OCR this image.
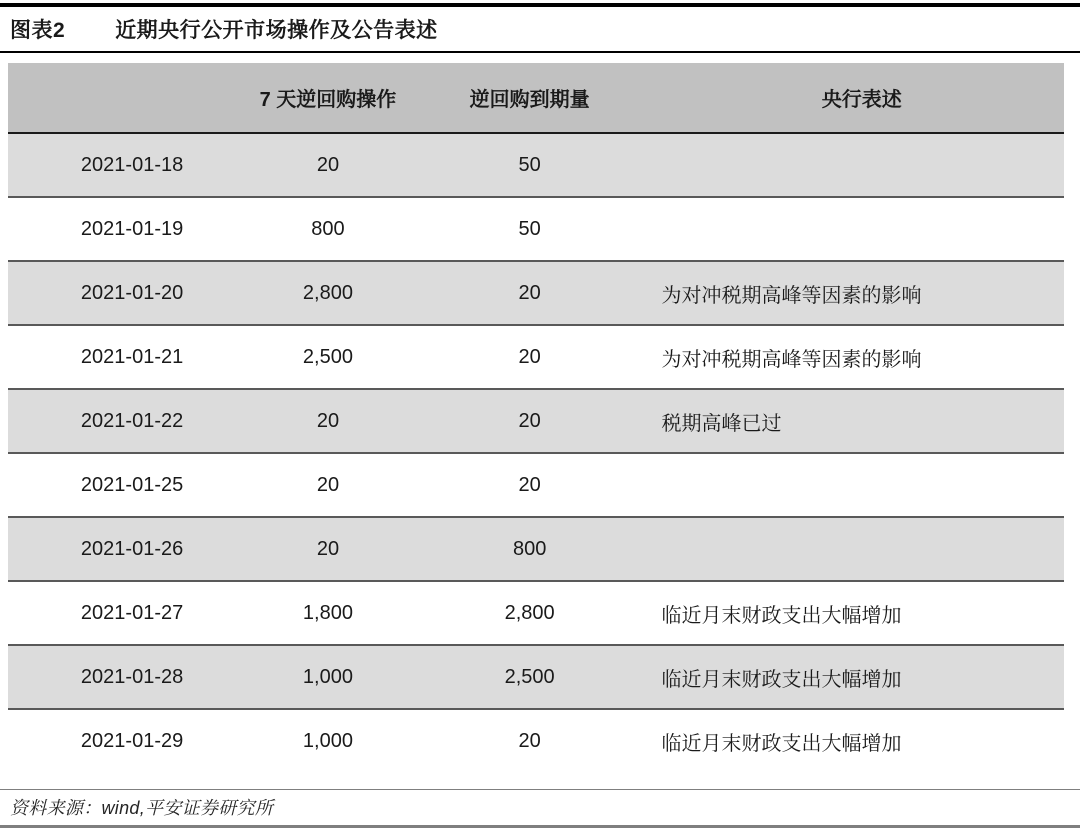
图表2 近期央行公开市场操作及公告表述
	7 天逆回购操作	逆回购到期量	央行表述
2021-01-18	20	50	
2021-01-19	800	50	
2021-01-20	2,800	20	为对冲税期高峰等因素的影响
2021-01-21	2,500	20	为对冲税期高峰等因素的影响
2021-01-22	20	20	税期高峰已过
2021-01-25	20	20	
2021-01-26	20	800	
2021-01-27	1,800	2,800	临近月末财政支出大幅增加
2021-01-28	1,000	2,500	临近月末财政支出大幅增加
2021-01-29	1,000	20	临近月末财政支出大幅增加
资料来源：wind,平安证券研究所
